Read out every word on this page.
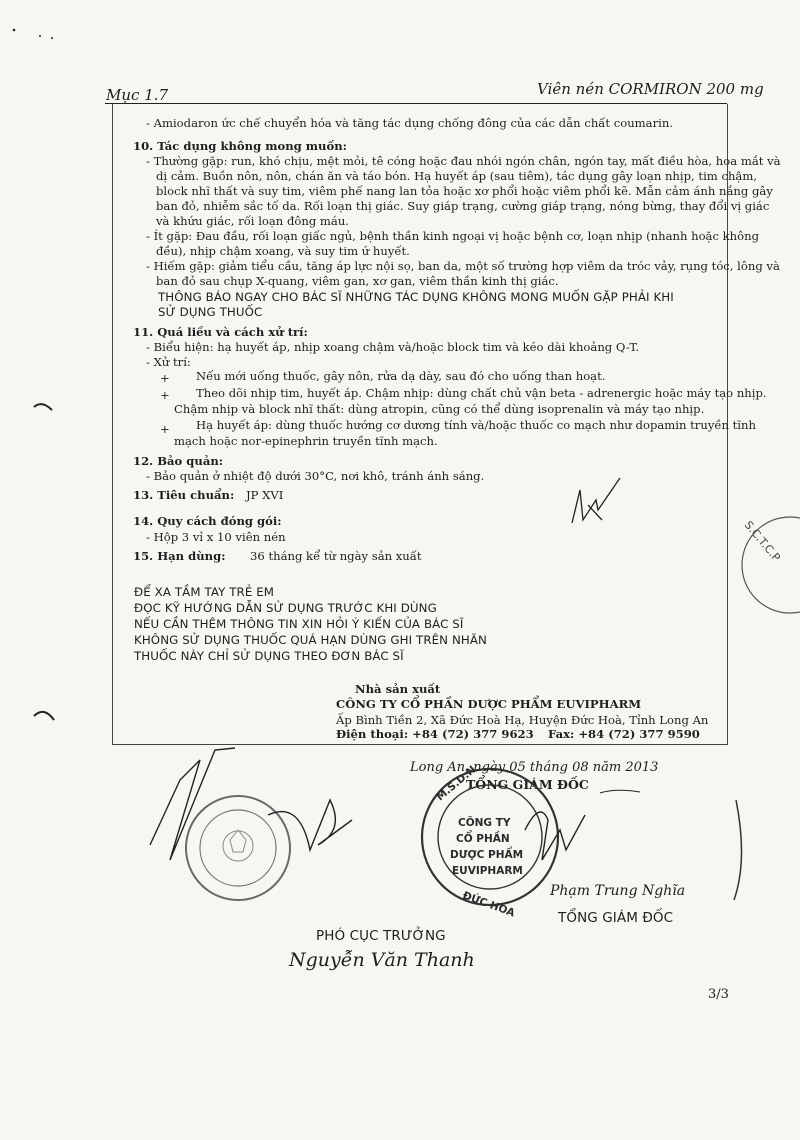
Mục 1.7	Viên nén CORMIRON 200 mg
- Amiodaron ức chế chuyển hóa và tăng tác dụng chống đông của các dẫn chất coumarin.
10. Tác dụng không mong muốn:
- Thường gặp: run, khó chịu, mệt mỏi, tê cóng hoặc đau nhói ngón chân, ngón tay, mất điều hòa, hoa mắt và
dị cảm. Buồn nôn, nôn, chán ăn và táo bón. Hạ huyết áp (sau tiêm), tác dụng gây loạn nhịp, tim chậm,
block nhĩ thất và suy tim, viêm phế nang lan tỏa hoặc xơ phổi hoặc viêm phổi kẽ. Mẫn cảm ánh nắng gây
ban đỏ, nhiễm sắc tố da. Rối loạn thị giác. Suy giáp trạng, cường giáp trạng, nóng bừng, thay đổi vị giác
và khứu giác, rối loạn đông máu.
- Ít gặp: Đau đầu, rối loạn giấc ngủ, bệnh thần kinh ngoại vị hoặc bệnh cơ, loạn nhịp (nhanh hoặc không
đều), nhịp chậm xoang, và suy tim ứ huyết.
- Hiếm gặp: giảm tiểu cầu, tăng áp lực nội sọ, ban da, một số trường hợp viêm da tróc vảy, rụng tóc, lông và
ban đỏ sau chụp X-quang, viêm gan, xơ gan, viêm thần kinh thị giác.
THÔNG BÁO NGAY CHO BÁC SĨ NHỮNG TÁC DỤNG KHÔNG MONG MUỐN GẶP PHẢI KHI
SỬ DỤNG THUỐC
11. Quá liều và cách xử trí:
- Biểu hiện: hạ huyết áp, nhịp xoang chậm và/hoặc block tim và kéo dài khoảng Q-T.
- Xử trí:
+ Nếu mới uống thuốc, gây nôn, rửa dạ dày, sau đó cho uống than hoạt.
+ Theo dõi nhịp tim, huyết áp. Chậm nhịp: dùng chất chủ vận beta - adrenergic hoặc máy tạo nhịp.
Chậm nhịp và block nhĩ thất: dùng atropin, cũng có thể dùng isoprenalin và máy tạo nhịp.
+ Hạ huyết áp: dùng thuốc hướng cơ dương tính và/hoặc thuốc co mạch như dopamin truyền tĩnh
mạch hoặc nor-epinephrin truyền tĩnh mạch.
12. Bảo quản:
- Bảo quản ở nhiệt độ dưới 30°C, nơi khô, tránh ánh sáng.
13. Tiêu chuẩn: JP XVI
14. Quy cách đóng gói:
- Hộp 3 vỉ x 10 viên nén
15. Hạn dùng: 36 tháng kể từ ngày sản xuất
ĐỂ XA TẦM TAY TRẺ EM
ĐỌC KỸ HƯỚNG DẪN SỬ DỤNG TRƯỚC KHI DÙNG
NẾU CẦN THÊM THÔNG TIN XIN HỎI Ý KIẾN CỦA BÁC SĨ
KHÔNG SỬ DỤNG THUỐC QUÁ HẠN DÙNG GHI TRÊN NHÃN
THUỐC NÀY CHỈ SỬ DỤNG THEO ĐƠN BÁC SĨ
Nhà sản xuất
CÔNG TY CỔ PHẦN DƯỢC PHẨM EUVIPHARM
Ấp Bình Tiền 2, Xã Đức Hoà Hạ, Huyện Đức Hoà, Tỉnh Long An
Điện thoại: +84 (72) 377 9623 Fax: +84 (72) 377 9590
Long An, ngày 05 tháng 08 năm 2013
TỔNG GIÁM ĐỐC
S.C.T.C.P
M.S.D.N
ĐỨC HÒA
CÔNG TY
CỔ PHẦN
DƯỢC PHẨM
EUVIPHARM
Phạm Trung Nghĩa
TỔNG GIÁM ĐỐC
PHÓ CỤC TRƯỞNG
Nguyễn Văn Thanh
3/3
